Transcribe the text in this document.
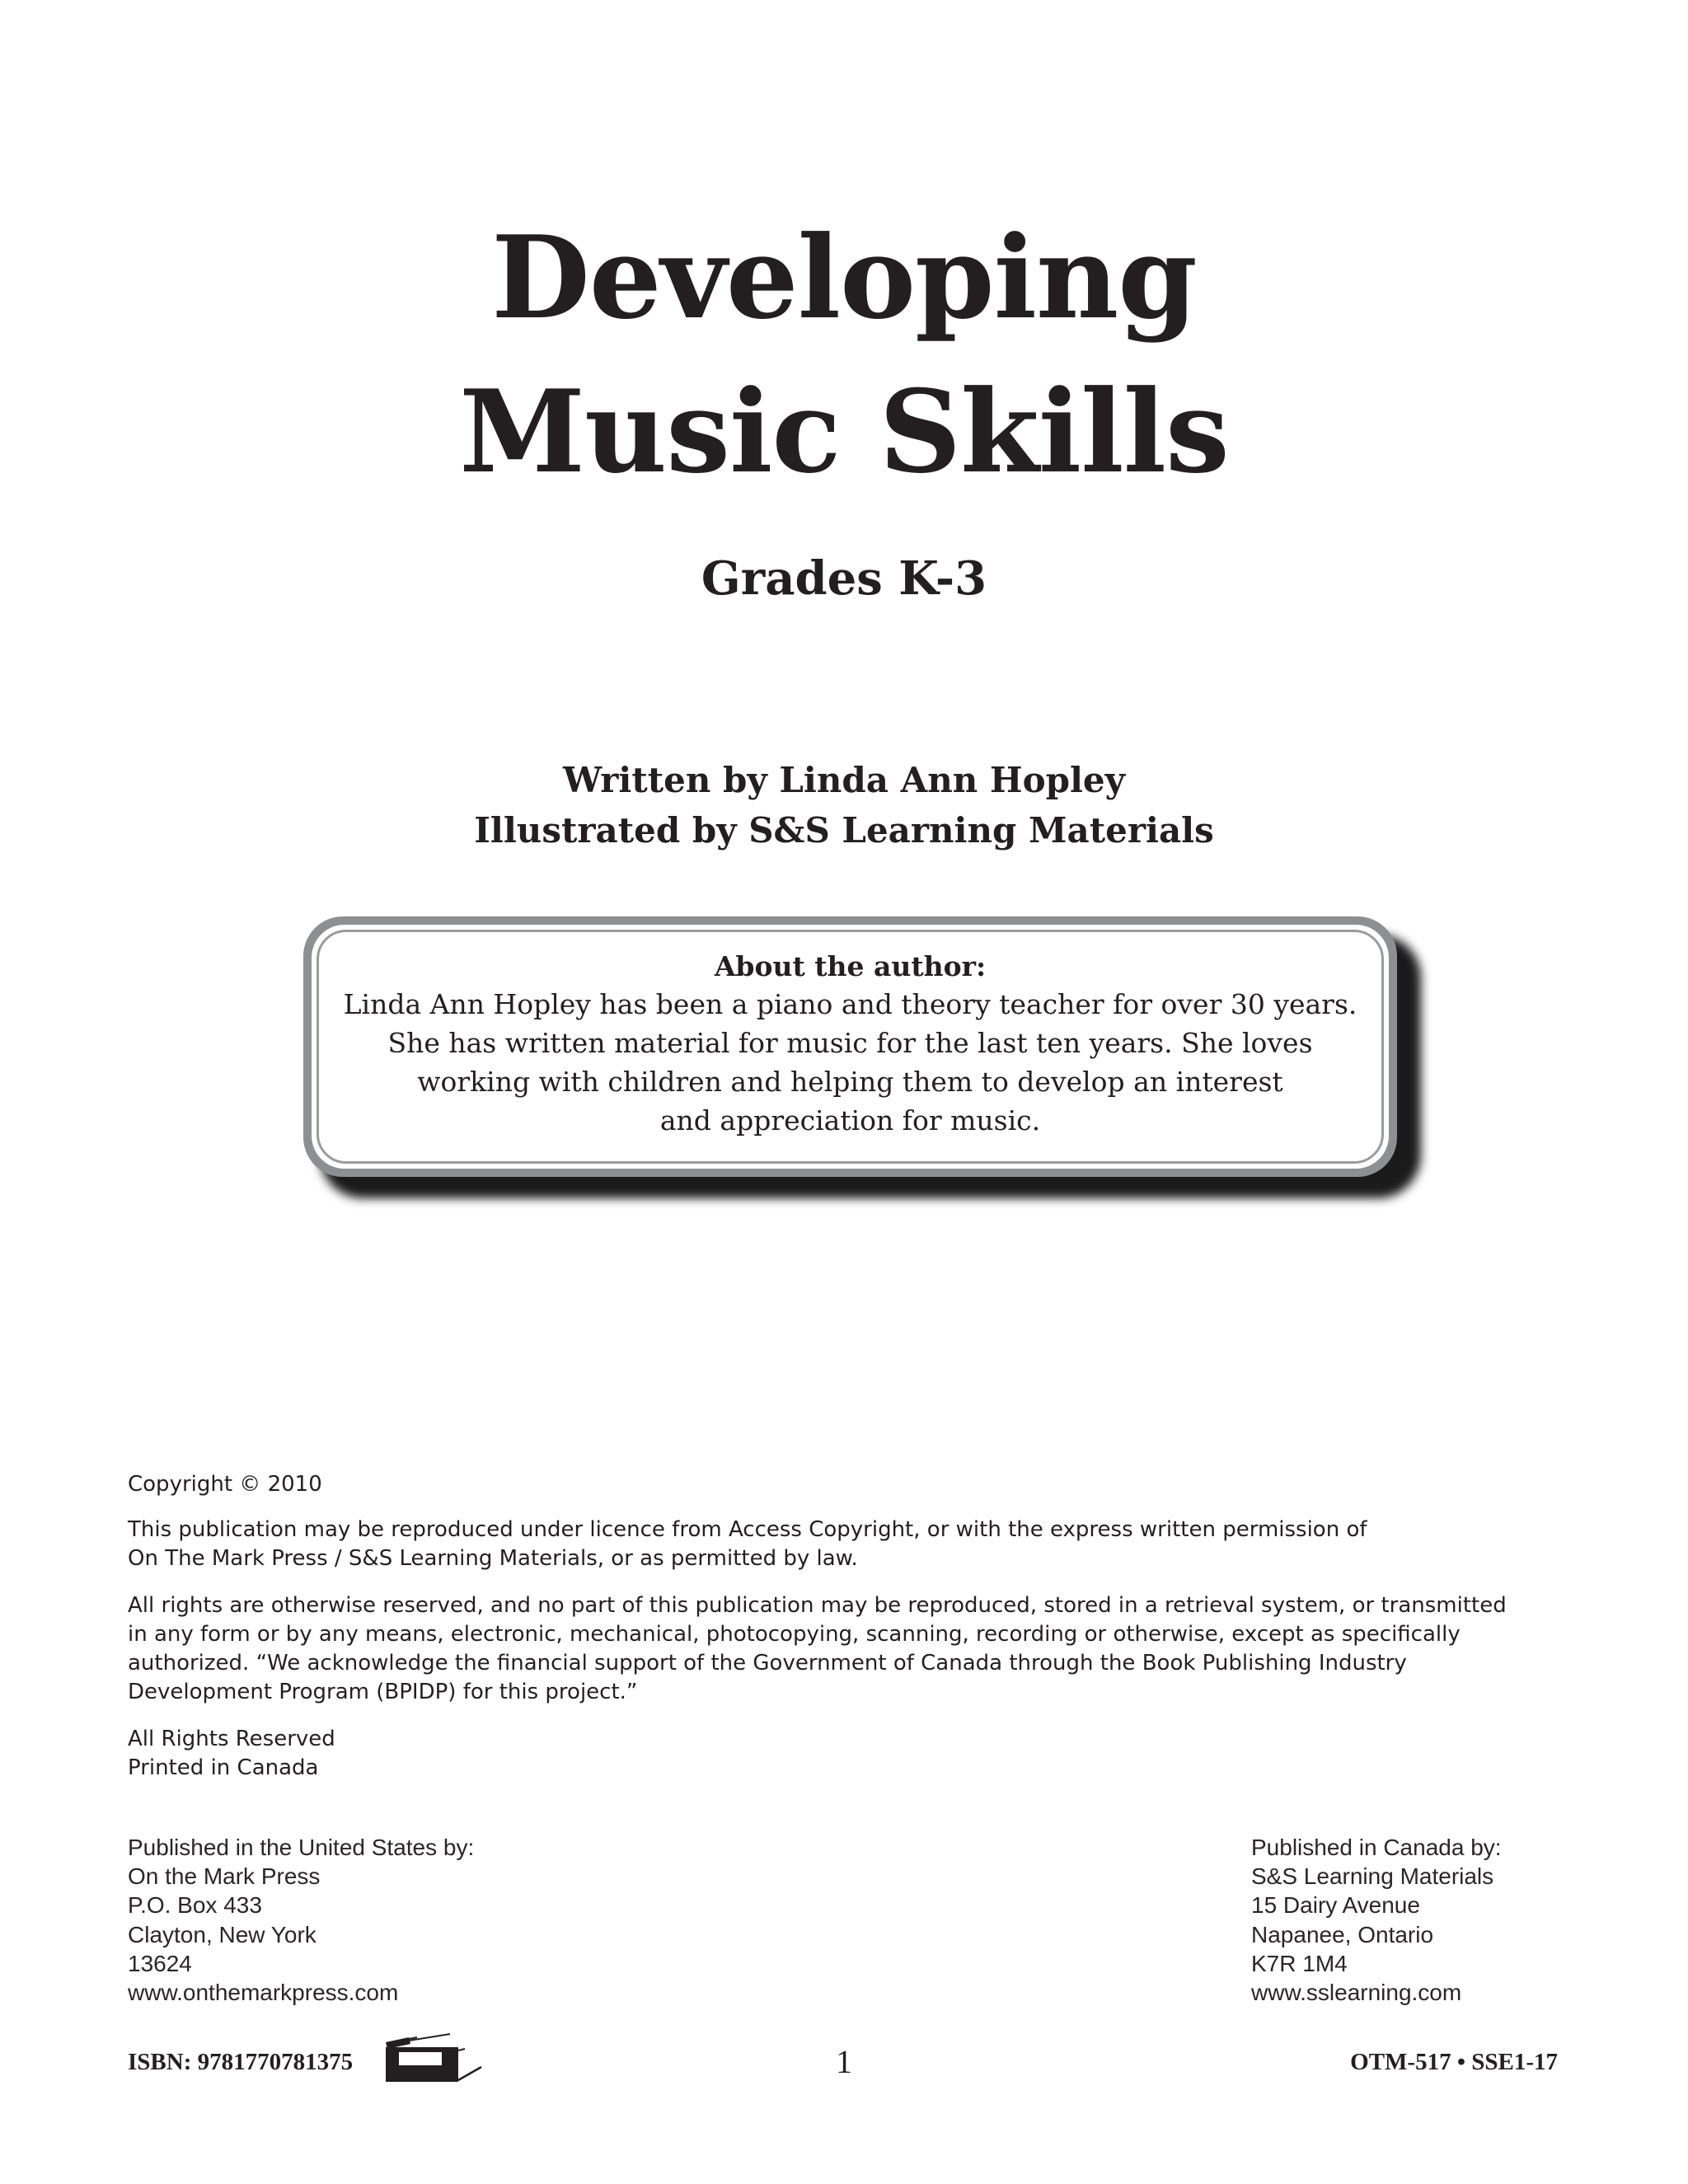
Developing
Music Skills
Grades K-3
Written by Linda Ann Hopley
Illustrated by S&S Learning Materials
About the author:
Linda Ann Hopley has been a piano and theory teacher for over 30 years.
She has written material for music for the last ten years. She loves
working with children and helping them to develop an interest
and appreciation for music.
Copyright © 2010
This publication may be reproduced under licence from Access Copyright, or with the express written permission of
On The Mark Press / S&S Learning Materials, or as permitted by law.
All rights are otherwise reserved, and no part of this publication may be reproduced, stored in a retrieval system, or transmitted
in any form or by any means, electronic, mechanical, photocopying, scanning, recording or otherwise, except as specifically
authorized. “We acknowledge the financial support of the Government of Canada through the Book Publishing Industry
Development Program (BPIDP) for this project.”
All Rights Reserved
Printed in Canada
Published in the United States by:
On the Mark Press
P.O. Box 433
Clayton, New York
13624
www.onthemarkpress.com
Published in Canada by:
S&S Learning Materials
15 Dairy Avenue
Napanee, Ontario
K7R 1M4
www.sslearning.com
ISBN: 9781770781375	1	OTM-517 • SSE1-17
